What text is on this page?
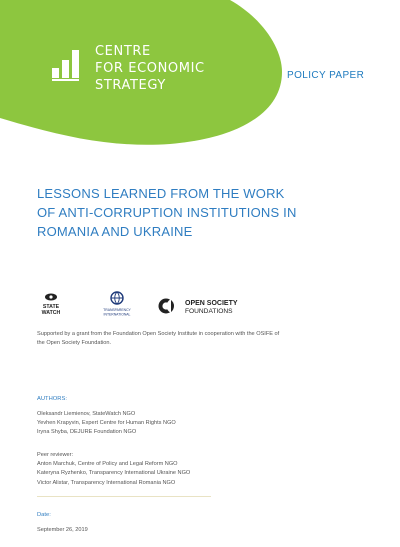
CENTRE
FOR ECONOMIC
STRATEGY
POLICY PAPER
LESSONS LEARNED FROM THE WORK
OF ANTI-CORRUPTION INSTITUTIONS IN
ROMANIA AND UKRAINE
STATE
WATCH	TRANSPARENCY
INTERNATIONAL
OPEN SOCIETY
FOUNDATIONS
Supported by a grant from the Foundation Open Society Institute in cooperation with the OSIFE of
the Open Society Foundation.
AUTHORS:
Oleksandr Liemienov, StateWatch NGO
Yevhen Krapyvin, Expert Centre for Human Rights NGO
Iryna Shyba, DEJURE Foundation NGO
Peer reviewer:
Anton Marchuk, Centre of Policy and Legal Reform NGO
Kateryna Ryzhenko, Transparency International Ukraine NGO
Victor Alistar, Transparency International Romania NGO
Date:
September 26, 2019
